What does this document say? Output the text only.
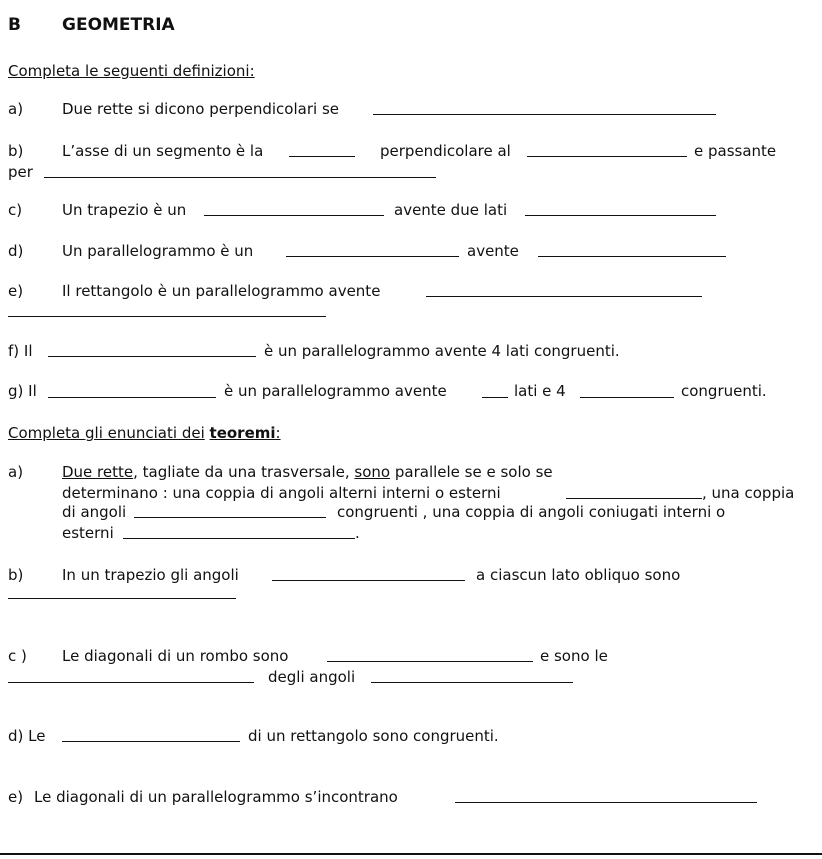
B GEOMETRIA
Completa le seguenti definizioni:
a)	Due rette si dicono perpendicolari se
b)	L’asse di un segmento è la	perpendicolare al	e passante
per
c)	Un trapezio è un	avente due lati
d)	Un parallelogrammo è un	avente
e)	Il rettangolo è un parallelogrammo avente
f) Il	è un parallelogrammo avente 4 lati congruenti.
g) Il	è un parallelogrammo avente	lati e 4	congruenti.
Completa gli enunciati dei teoremi:
a)	Due rette, tagliate da una trasversale, sono parallele se e solo se
determinano : una coppia di angoli alterni interni o esterni	, una coppia
di angoli	congruenti , una coppia di angoli coniugati interni o
esterni	.
b)	In un trapezio gli angoli	a ciascun lato obliquo sono
c ) Le diagonali di un rombo sono	e sono le
degli angoli
d) Le	di un rettangolo sono congruenti.
e) Le diagonali di un parallelogrammo s’incontrano
